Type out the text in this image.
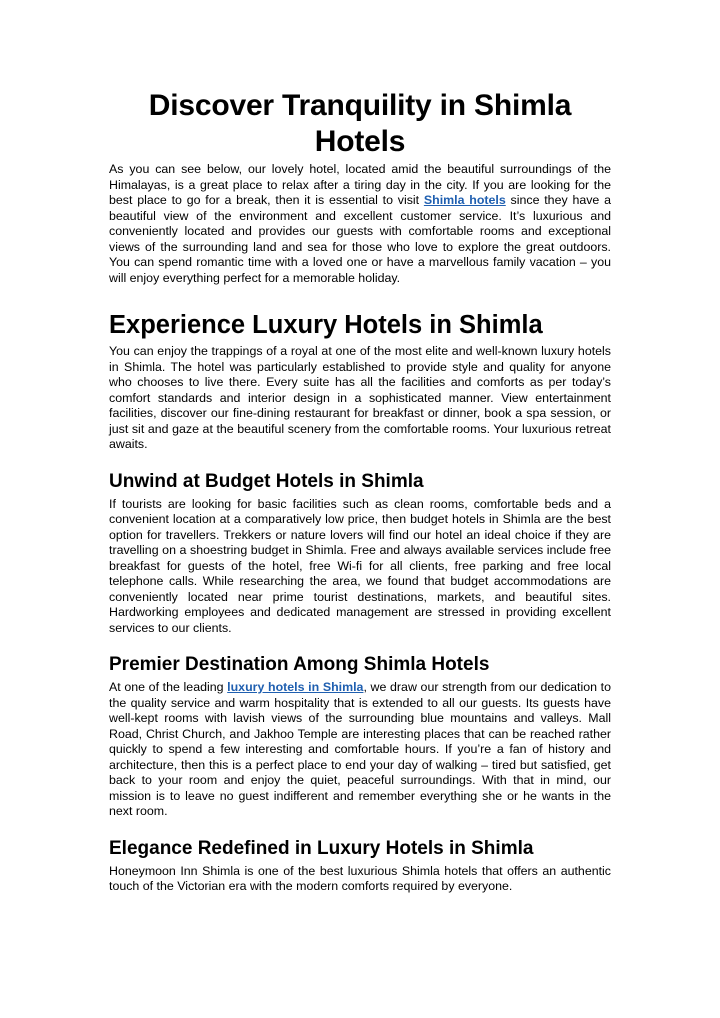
Discover Tranquility in Shimla Hotels

As you can see below, our lovely hotel, located amid the beautiful surroundings of the Himalayas, is a great place to relax after a tiring day in the city. If you are looking for the best place to go for a break, then it is essential to visit Shimla hotels since they have a beautiful view of the environment and excellent customer service. It’s luxurious and conveniently located and provides our guests with comfortable rooms and exceptional views of the surrounding land and sea for those who love to explore the great outdoors. You can spend romantic time with a loved one or have a marvellous family vacation – you will enjoy everything perfect for a memorable holiday.

Experience Luxury Hotels in Shimla

You can enjoy the trappings of a royal at one of the most elite and well-known luxury hotels in Shimla. The hotel was particularly established to provide style and quality for anyone who chooses to live there. Every suite has all the facilities and comforts as per today’s comfort standards and interior design in a sophisticated manner. View entertainment facilities, discover our fine-dining restaurant for breakfast or dinner, book a spa session, or just sit and gaze at the beautiful scenery from the comfortable rooms. Your luxurious retreat awaits.

Unwind at Budget Hotels in Shimla

If tourists are looking for basic facilities such as clean rooms, comfortable beds and a convenient location at a comparatively low price, then budget hotels in Shimla are the best option for travellers. Trekkers or nature lovers will find our hotel an ideal choice if they are travelling on a shoestring budget in Shimla. Free and always available services include free breakfast for guests of the hotel, free Wi-fi for all clients, free parking and free local telephone calls. While researching the area, we found that budget accommodations are conveniently located near prime tourist destinations, markets, and beautiful sites. Hardworking employees and dedicated management are stressed in providing excellent services to our clients.

Premier Destination Among Shimla Hotels

At one of the leading luxury hotels in Shimla, we draw our strength from our dedication to the quality service and warm hospitality that is extended to all our guests. Its guests have well-kept rooms with lavish views of the surrounding blue mountains and valleys. Mall Road, Christ Church, and Jakhoo Temple are interesting places that can be reached rather quickly to spend a few interesting and comfortable hours. If you’re a fan of history and architecture, then this is a perfect place to end your day of walking – tired but satisfied, get back to your room and enjoy the quiet, peaceful surroundings. With that in mind, our mission is to leave no guest indifferent and remember everything she or he wants in the next room.

Elegance Redefined in Luxury Hotels in Shimla

Honeymoon Inn Shimla is one of the best luxurious Shimla hotels that offers an authentic touch of the Victorian era with the modern comforts required by everyone.
